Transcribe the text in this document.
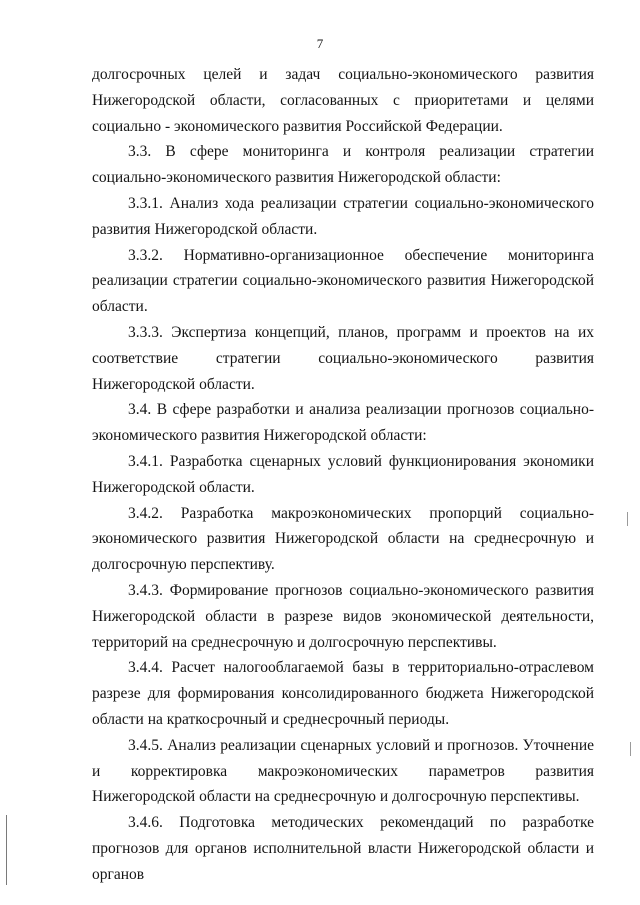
7

долгосрочных целей и задач социально-экономического развития Нижегородской области, согласованных с приоритетами и целями социально - экономического развития Российской Федерации.

3.3. В сфере мониторинга и контроля реализации стратегии социально-экономического развития Нижегородской области:

3.3.1. Анализ хода реализации стратегии социально-экономического развития Нижегородской области.

3.3.2. Нормативно-организационное обеспечение мониторинга реализации стратегии социально-экономического развития Нижегородской области.

3.3.3. Экспертиза концепций, планов, программ и проектов на их соответствие стратегии социально-экономического развития Нижегородской области.

3.4. В сфере разработки и анализа реализации прогнозов социально-экономического развития Нижегородской области:

3.4.1. Разработка сценарных условий функционирования экономики Нижегородской области.

3.4.2. Разработка макроэкономических пропорций социально-экономического развития Нижегородской области на среднесрочную и долгосрочную перспективу.

3.4.3. Формирование прогнозов социально-экономического развития Нижегородской области в разрезе видов экономической деятельности, территорий на среднесрочную и долгосрочную перспективы.

3.4.4. Расчет налогооблагаемой базы в территориально-отраслевом разрезе для формирования консолидированного бюджета Нижегородской области на краткосрочный и среднесрочный периоды.

3.4.5. Анализ реализации сценарных условий и прогнозов. Уточнение и корректировка макроэкономических параметров развития Нижегородской области на среднесрочную и долгосрочную перспективы.

3.4.6. Подготовка методических рекомендаций по разработке прогнозов для органов исполнительной власти Нижегородской области и органов
